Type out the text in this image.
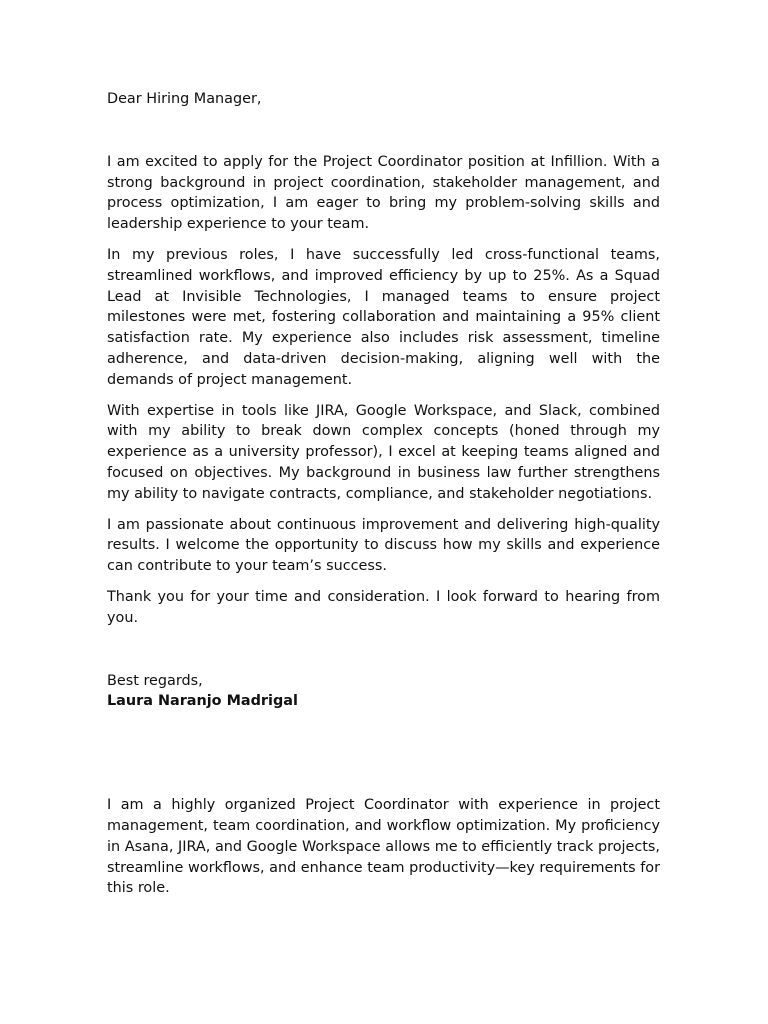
Dear Hiring Manager,

I am excited to apply for the Project Coordinator position at Infillion. With a strong background in project coordination, stakeholder management, and process optimization, I am eager to bring my problem-solving skills and leadership experience to your team.

In my previous roles, I have successfully led cross-functional teams, streamlined workflows, and improved efficiency by up to 25%. As a Squad Lead at Invisible Technologies, I managed teams to ensure project milestones were met, fostering collaboration and maintaining a 95% client satisfaction rate. My experience also includes risk assessment, timeline adherence, and data-driven decision-making, aligning well with the demands of project management.

With expertise in tools like JIRA, Google Workspace, and Slack, combined with my ability to break down complex concepts (honed through my experience as a university professor), I excel at keeping teams aligned and focused on objectives. My background in business law further strengthens my ability to navigate contracts, compliance, and stakeholder negotiations.

I am passionate about continuous improvement and delivering high-quality results. I welcome the opportunity to discuss how my skills and experience can contribute to your team’s success.

Thank you for your time and consideration. I look forward to hearing from you.

Best regards,

Laura Naranjo Madrigal

I am a highly organized Project Coordinator with experience in project management, team coordination, and workflow optimization. My proficiency in Asana, JIRA, and Google Workspace allows me to efficiently track projects, streamline workflows, and enhance team productivity—key requirements for this role.
